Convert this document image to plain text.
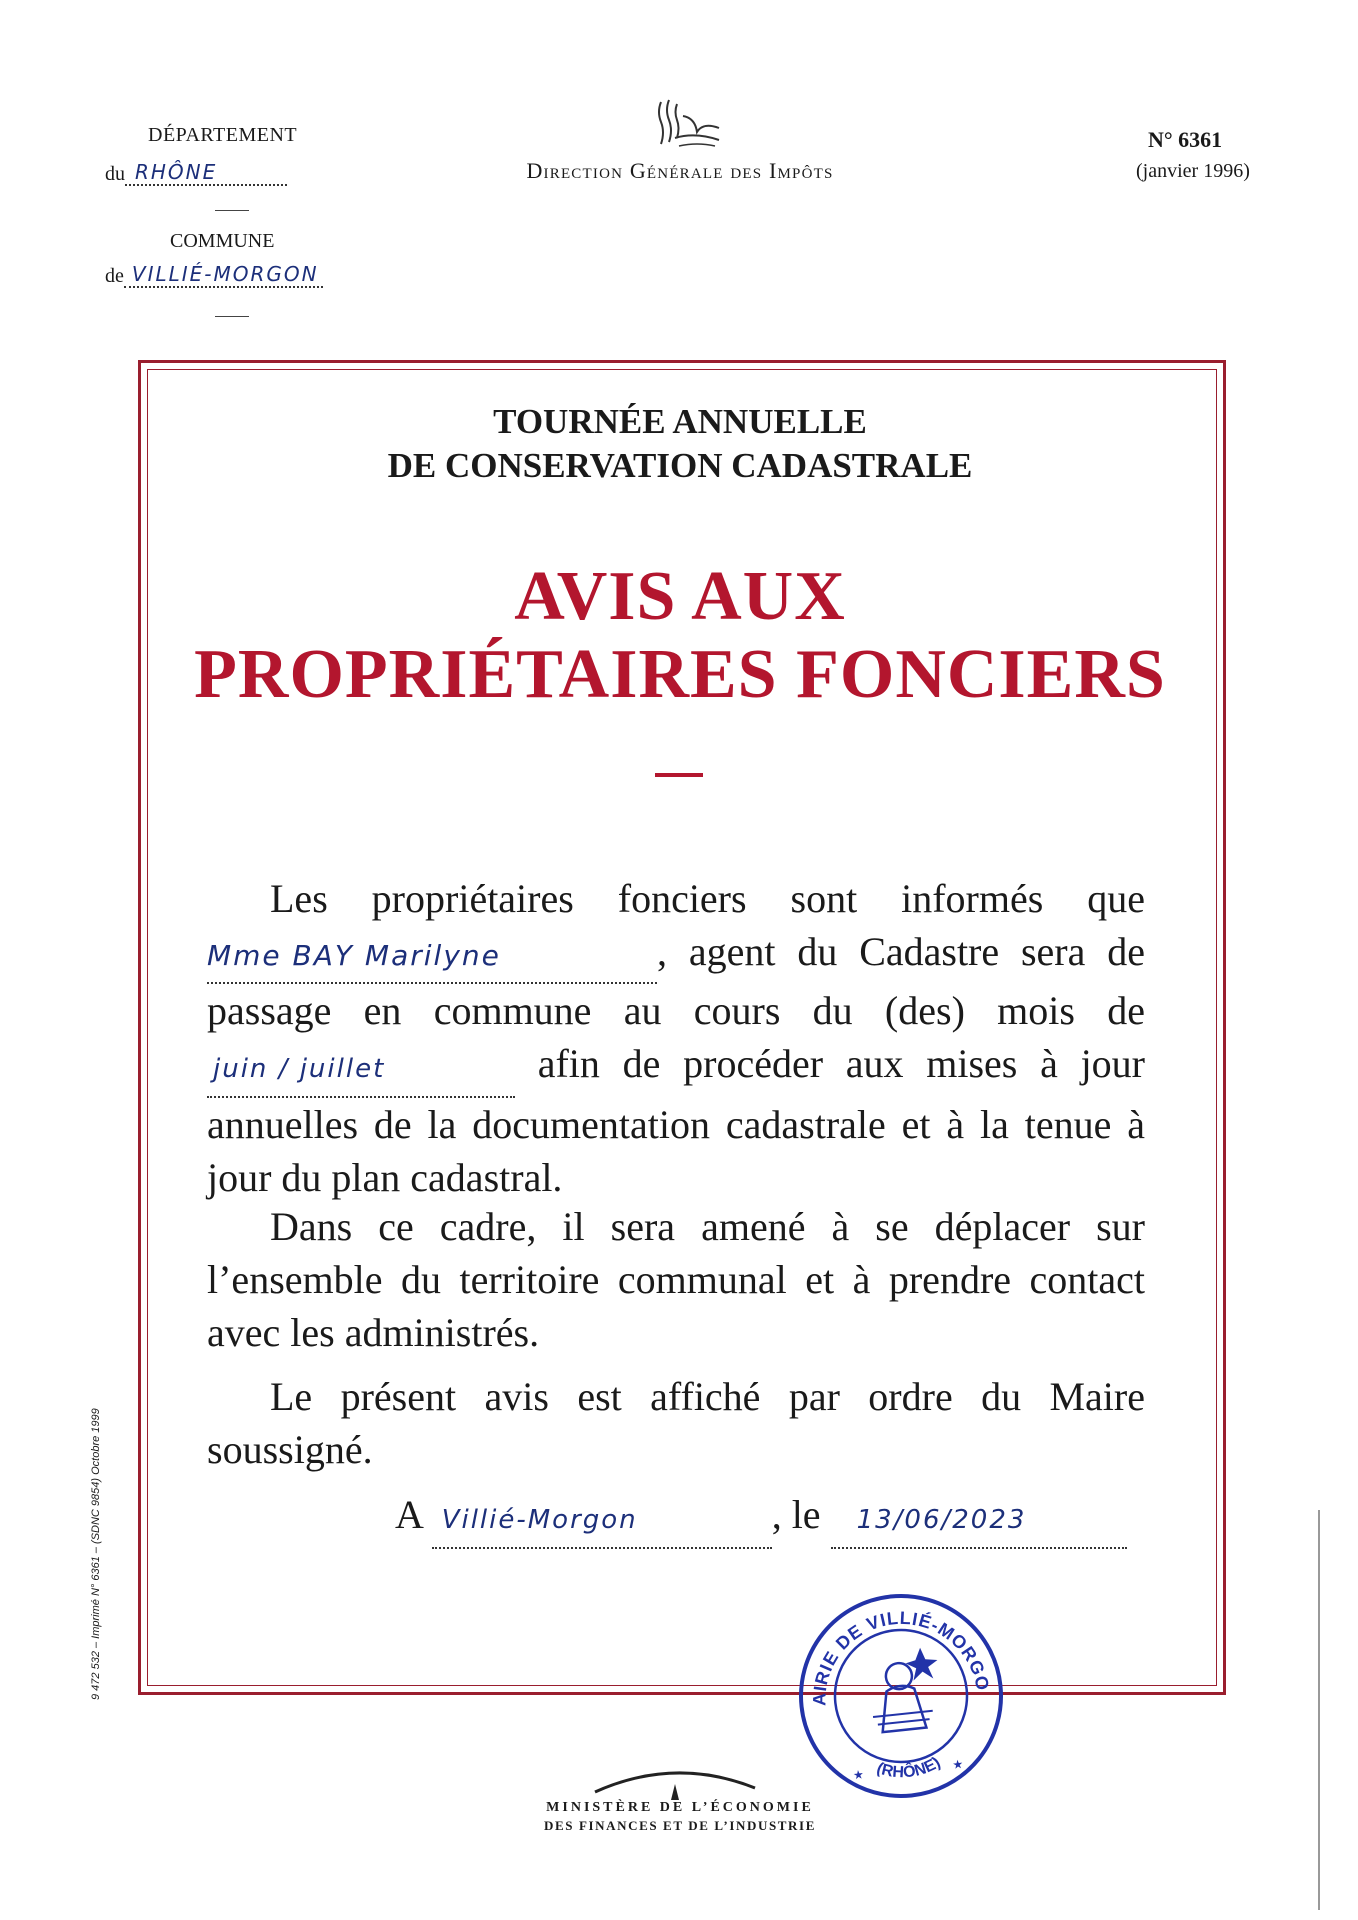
DÉPARTEMENT
du RHÔNE
COMMUNE
de VILLIÉ-MORGON
Direction Générale des Impôts
N° 6361
(janvier 1996)
9 472 532 – Imprimé N° 6361 – (SDNC 9854) Octobre 1999
TOURNÉE ANNUELLE
DE CONSERVATION CADASTRALE
AVIS AUX
PROPRIÉTAIRES FONCIERS
Les propriétaires fonciers sont informés que Mme BAY Marilyne	, agent du Cadastre sera de passage en commune au cours du (des) mois dejuin / juillet	afin de procéder aux mises à jour annuelles de la documentation cadastrale et à la tenue à jour du plan cadastral.
Dans ce cadre, il sera amené à se déplacer sur l’ensemble du territoire communal et à prendre contact avec les administrés.
Le présent avis est affiché par ordre du Maire soussigné.
A Villié-Morgon	, le 13/06/2023
MAIRIE DE VILLIÉ-MORGON
(RHÔNE)
★
★
MINISTÈRE DE L’ÉCONOMIE
DES FINANCES ET DE L’INDUSTRIE
